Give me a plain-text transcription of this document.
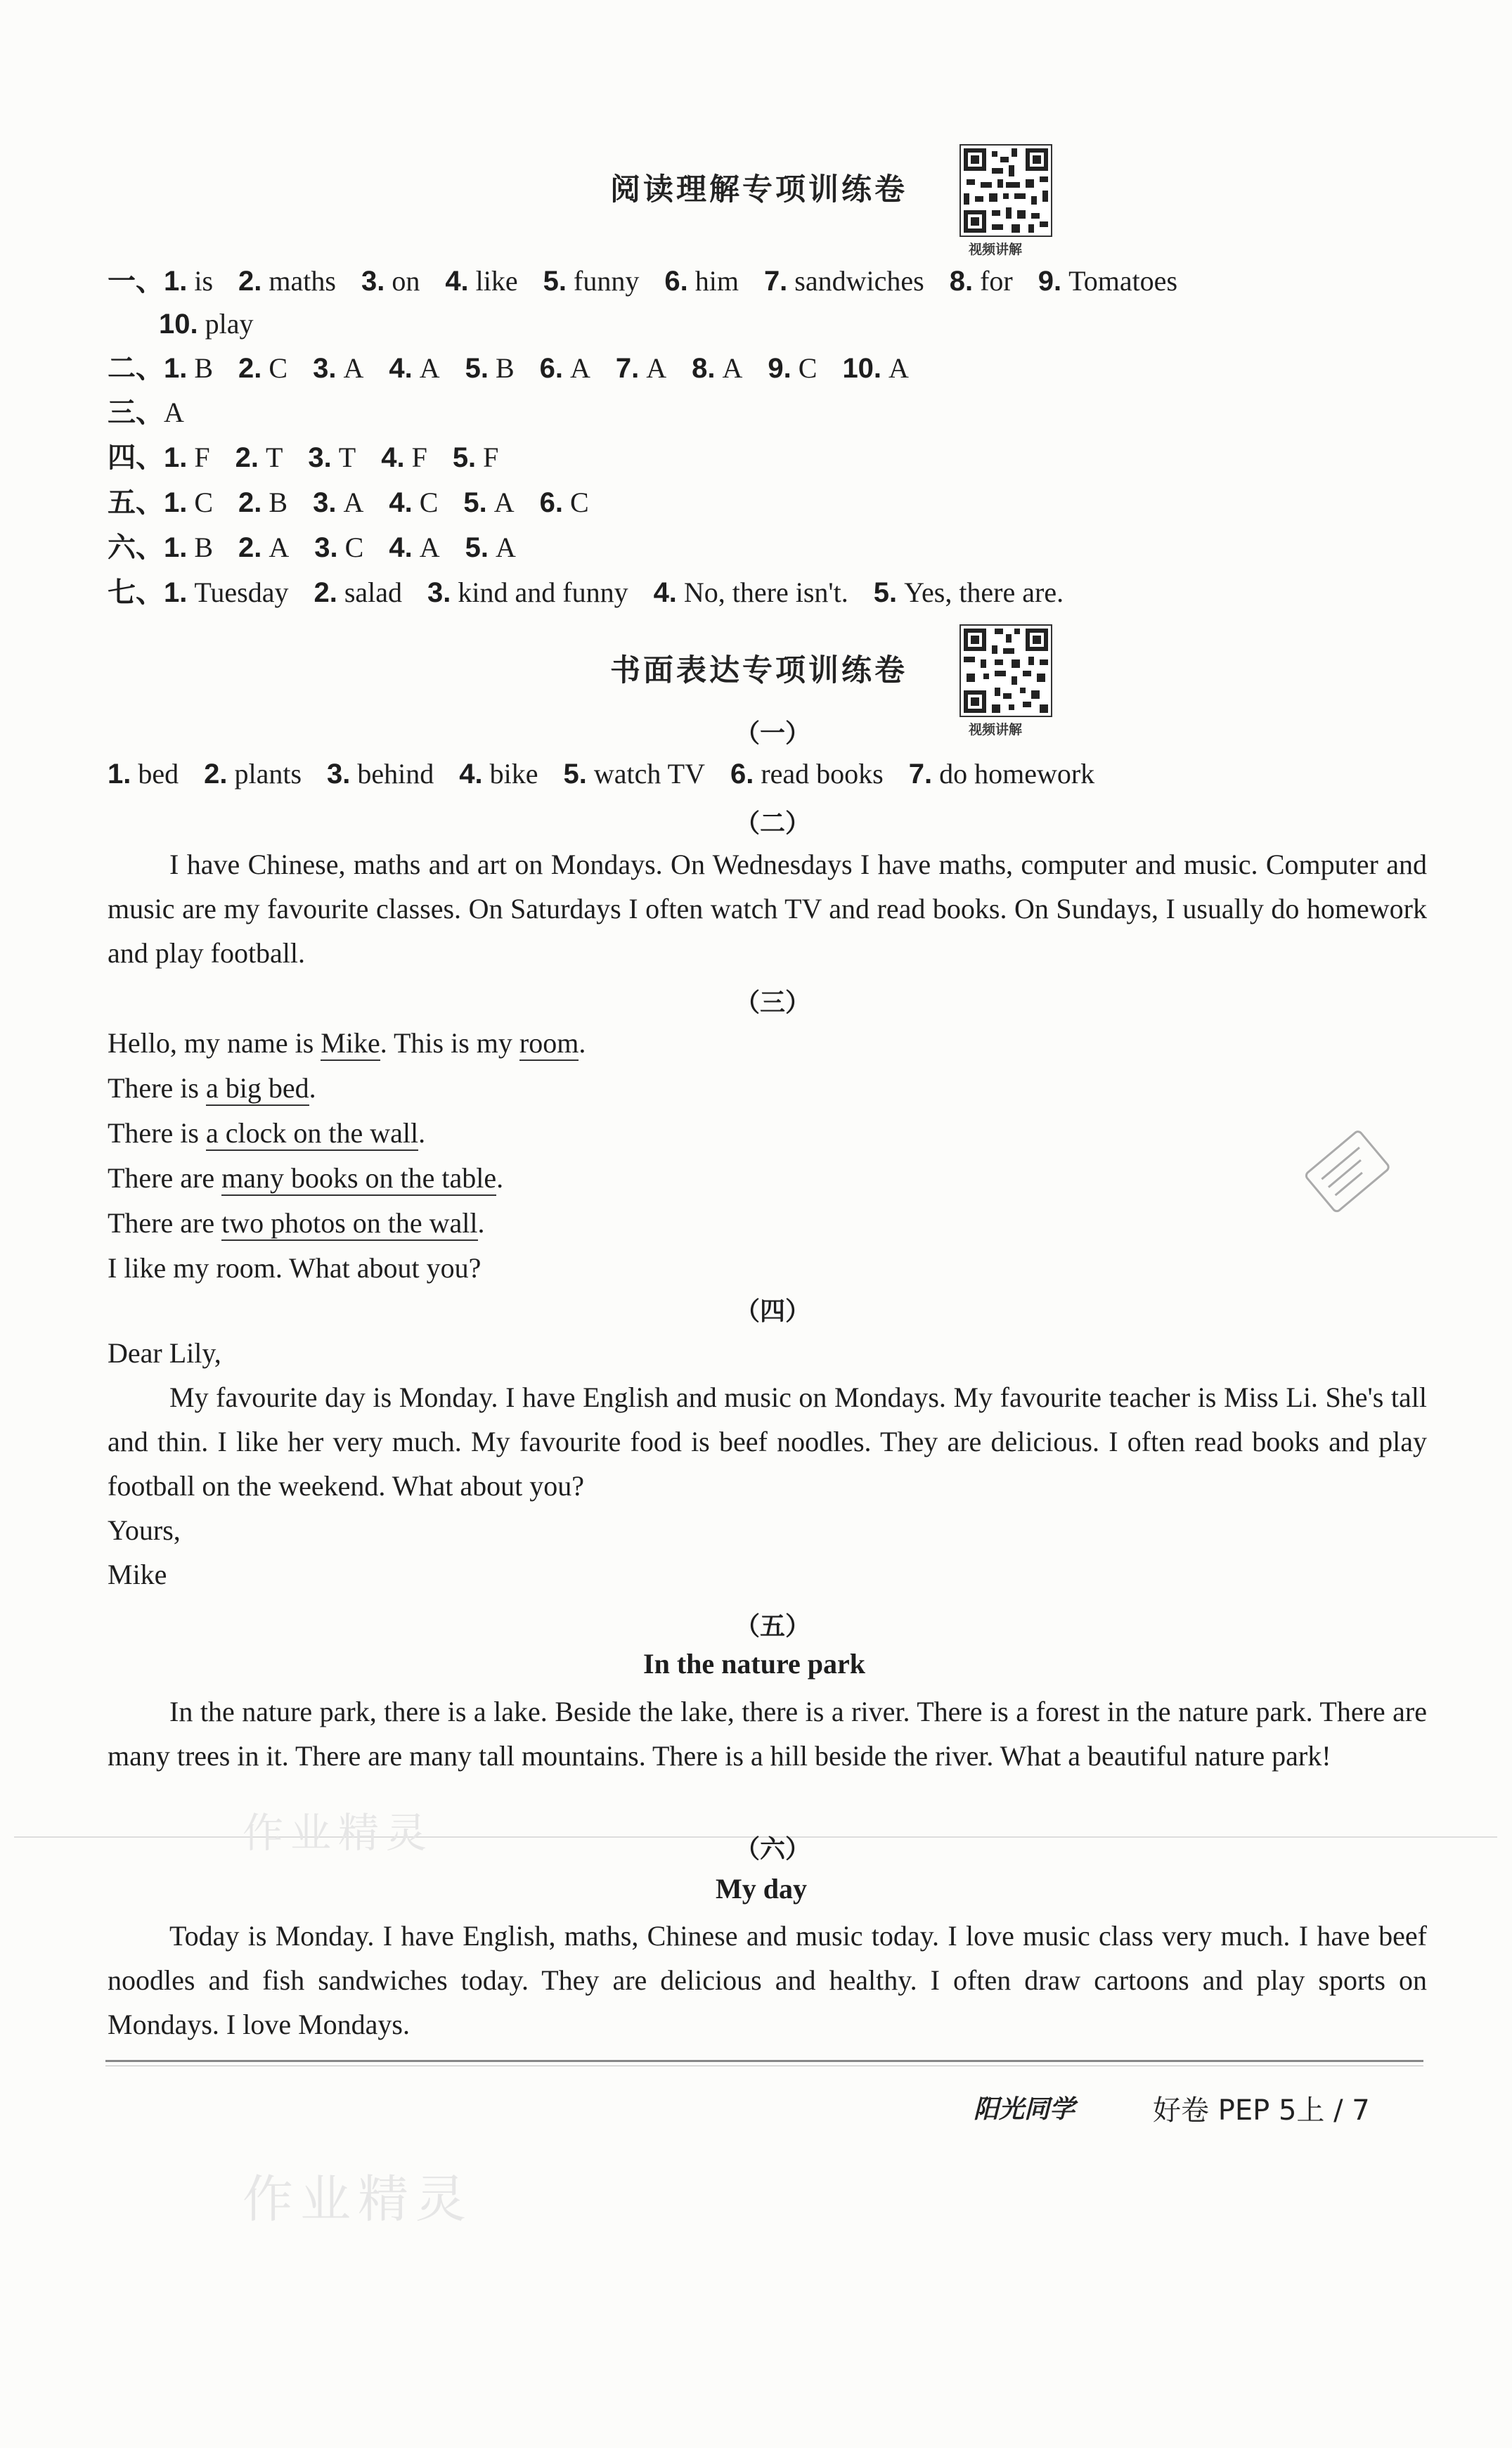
阅读理解专项训练卷
视频讲解
一、1. is 2. maths 3. on 4. like 5. funny 6. him 7. sandwiches 8. for 9. Tomatoes
10. play
二、1. B 2. C 3. A 4. A 5. B 6. A 7. A 8. A 9. C 10. A
三、A
四、1. F 2. T 3. T 4. F 5. F
五、1. C 2. B 3. A 4. C 5. A 6. C
六、1. B 2. A 3. C 4. A 5. A
七、1. Tuesday 2. salad 3. kind and funny 4. No, there isn't. 5. Yes, there are.
书面表达专项训练卷
视频讲解
（一）
1. bed 2. plants 3. behind 4. bike 5. watch TV 6. read books 7. do homework
（二）
I have Chinese, maths and art on Mondays. On Wednesdays I have maths, computer and music. Computer and music are my favourite classes. On Saturdays I often watch TV and read books. On Sundays, I usually do homework and play football.
（三）
Hello, my name is Mike. This is my room.
There is a big bed.
There is a clock on the wall.
There are many books on the table.
There are two photos on the wall.
I like my room. What about you?
（四）
Dear Lily,
My favourite day is Monday. I have English and music on Mondays. My favourite teacher is Miss Li. She's tall and thin. I like her very much. My favourite food is beef noodles. They are delicious. I often read books and play football on the weekend. What about you?
Yours,
Mike
（五）
In the nature park
In the nature park, there is a lake. Beside the lake, there is a river. There is a forest in the nature park. There are many trees in it. There are many tall mountains. There is a hill beside the river. What a beautiful nature park!
（六）
My day
Today is Monday. I have English, maths, Chinese and music today. I love music class very much. I have beef noodles and fish sandwiches today. They are delicious and healthy. I often draw cartoons and play sports on Mondays. I love Mondays.
阳光同学	好卷 PEP 5上 / 7
作业精灵
作业精灵
